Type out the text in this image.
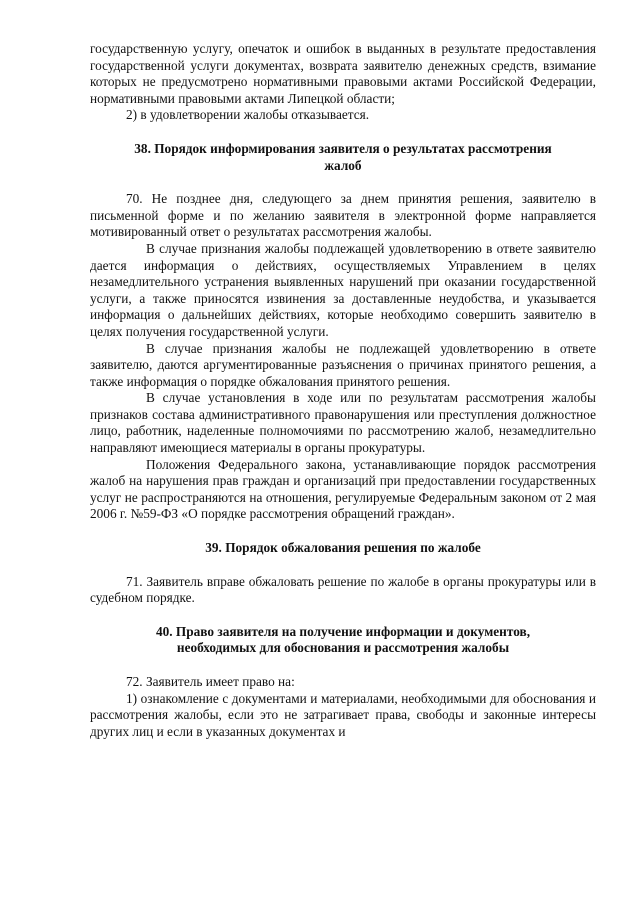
государственную услугу, опечаток и ошибок в выданных в результате предоставления государственной услуги документах, возврата заявителю денежных средств, взимание которых не предусмотрено нормативными правовыми актами Российской Федерации, нормативными правовыми актами Липецкой области;

2) в удовлетворении жалобы отказывается.

38. Порядок информирования заявителя о результатах рассмотрения жалоб

70. Не позднее дня, следующего за днем принятия решения, заявителю в письменной форме и по желанию заявителя в электронной форме направляется мотивированный ответ о результатах рассмотрения жалобы.

В случае признания жалобы подлежащей удовлетворению в ответе заявителю дается информация о действиях, осуществляемых Управлением в целях незамедлительного устранения выявленных нарушений при оказании государственной услуги, а также приносятся извинения за доставленные неудобства, и указывается информация о дальнейших действиях, которые необходимо совершить заявителю в целях получения государственной услуги.

В случае признания жалобы не подлежащей удовлетворению в ответе заявителю, даются аргументированные разъяснения о причинах принятого решения, а также информация о порядке обжалования принятого решения.

В случае установления в ходе или по результатам рассмотрения жалобы признаков состава административного правонарушения или преступления должностное лицо, работник, наделенные полномочиями по рассмотрению жалоб, незамедлительно направляют имеющиеся материалы в органы прокуратуры.

Положения Федерального закона, устанавливающие порядок рассмотрения жалоб на нарушения прав граждан и организаций при предоставлении государственных услуг не распространяются на отношения, регулируемые Федеральным законом от 2 мая 2006 г. №59-ФЗ «О порядке рассмотрения обращений граждан».

39. Порядок обжалования решения по жалобе

71. Заявитель вправе обжаловать решение по жалобе в органы прокуратуры или в судебном порядке.

40. Право заявителя на получение информации и документов, необходимых для обоснования и рассмотрения жалобы

72. Заявитель имеет право на:

1) ознакомление с документами и материалами, необходимыми для обоснования и рассмотрения жалобы, если это не затрагивает права, свободы и законные интересы других лиц и если в указанных документах и
